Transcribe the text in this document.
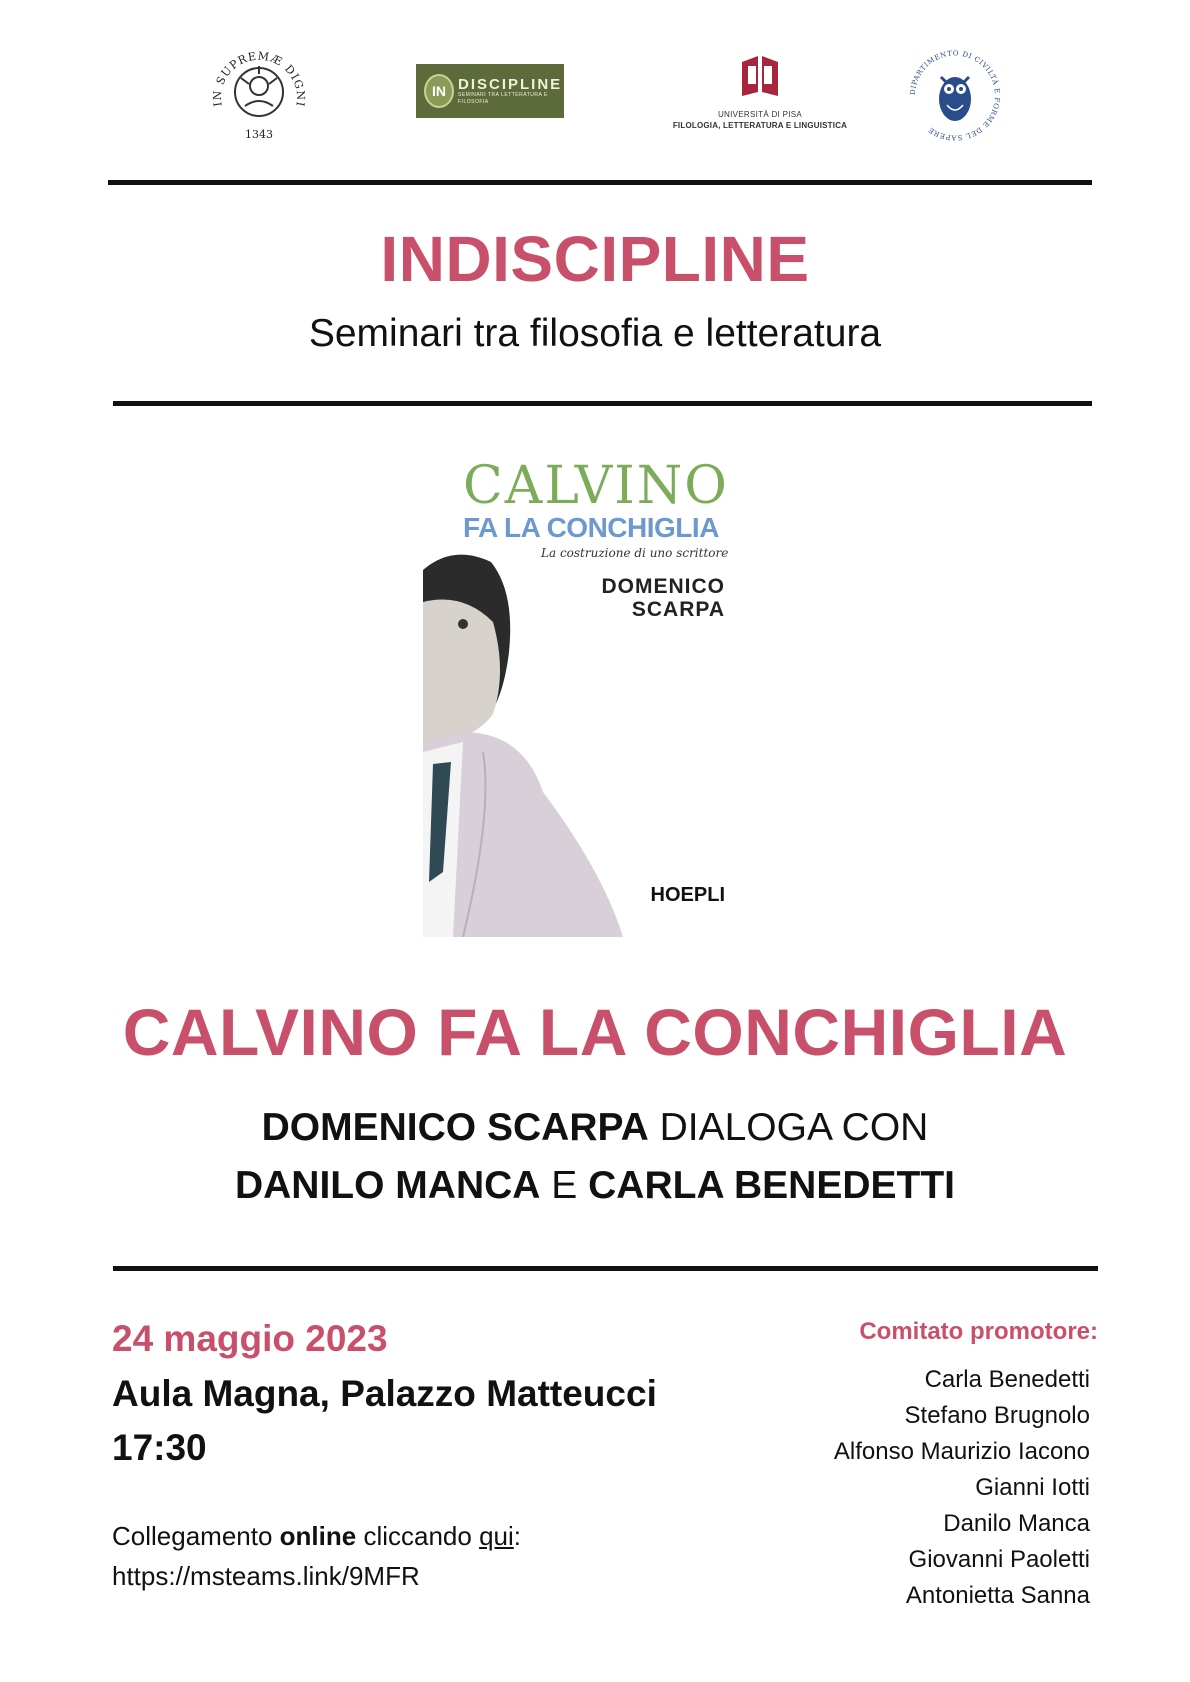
IN SUPREMÆ DIGNI
1343
IN DISCIPLINE
SEMINARI TRA LETTERATURA E FILOSOFIA
UNIVERSITÀ DI PISA
FILOLOGIA, LETTERATURA E LINGUISTICA
DIPARTIMENTO DI CIVILTÀ E FORME DEL SAPERE
INDISCIPLINE
Seminari tra filosofia e letteratura
CALVINO
FA LA CONCHIGLIA
La costruzione di uno scrittore
DOMENICO
SCARPA
HOEPLI
CALVINO FA LA CONCHIGLIA
DOMENICO SCARPA DIALOGA CON
DANILO MANCA E CARLA BENEDETTI
24 maggio 2023
Aula Magna, Palazzo Matteucci
17:30
Collegamento online cliccando qui:
https://msteams.link/9MFR
Comitato promotore:
Carla Benedetti
Stefano Brugnolo
Alfonso Maurizio Iacono
Gianni Iotti
Danilo Manca
Giovanni Paoletti
Antonietta Sanna
